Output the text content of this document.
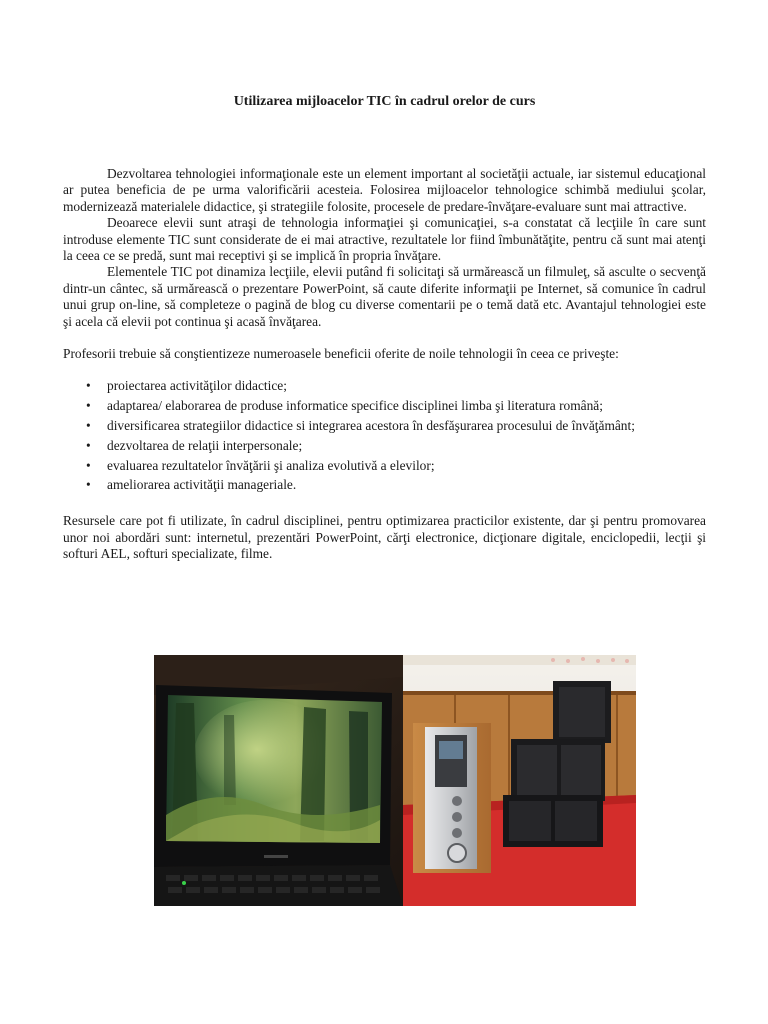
Utilizarea mijloacelor TIC în cadrul orelor de curs

Dezvoltarea tehnologiei informaţionale este un element important al societăţii actuale, iar sistemul educaţional ar putea beneficia de pe urma valorificării acesteia. Folosirea mijloacelor tehnologice schimbă mediului şcolar, modernizează materialele didactice, şi strategiile folosite, procesele de predare-învăţare-evaluare sunt mai attractive.

Deoarece elevii sunt atraşi de tehnologia informaţiei şi comunicaţiei, s-a constatat că lecţiile în care sunt introduse elemente TIC sunt considerate de ei mai atractive, rezultatele lor fiind îmbunătăţite, pentru că sunt mai atenţi la ceea ce se predă, sunt mai receptivi şi se implică în propria învăţare.

Elementele TIC pot dinamiza lecţiile, elevii putând fi solicitaţi să urmărească un filmuleţ, să asculte o secvenţă dintr-un cântec, să urmărească o prezentare PowerPoint, să caute diferite informaţii pe Internet, să comunice în cadrul unui grup on-line, să completeze o pagină de blog cu diverse comentarii pe o temă dată etc. Avantajul tehnologiei este şi acela că elevii pot continua şi acasă învăţarea.

Profesorii trebuie să conştientizeze numeroasele beneficii oferite de noile tehnologii în ceea ce priveşte:

• proiectarea activităţilor didactice;
• adaptarea/ elaborarea de produse informatice specifice disciplinei limba şi literatura română;
• diversificarea strategiilor didactice si integrarea acestora în desfăşurarea procesului de învăţământ;
• dezvoltarea de relaţii interpersonale;
• evaluarea rezultatelor învăţării şi analiza evolutivă a elevilor;
• ameliorarea activităţii manageriale.

Resursele care pot fi utilizate, în cadrul disciplinei, pentru optimizarea practicilor existente, dar şi pentru promovarea unor noi abordări sunt: internetul, prezentări PowerPoint, cărţi electronice, dicţionare digitale, enciclopedii, lecţii şi softuri AEL, softuri specializate, filme.
